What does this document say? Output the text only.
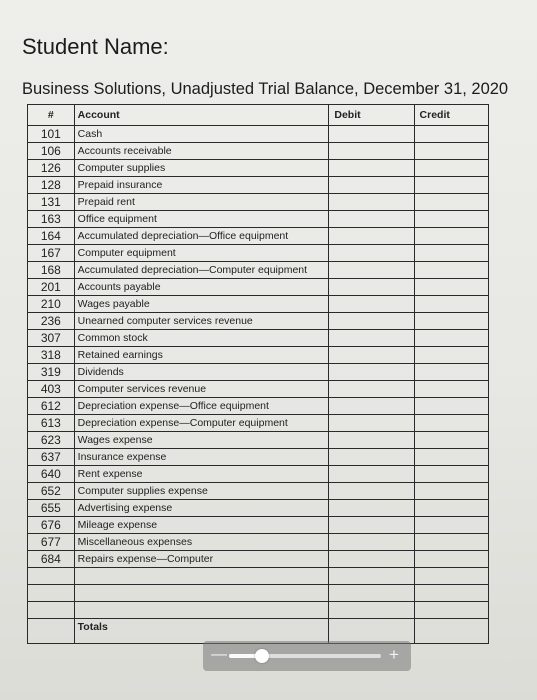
Student Name:
Business Solutions, Unadjusted Trial Balance, December 31, 2020
#	Account	Debit	Credit
101	Cash		
106	Accounts receivable		
126	Computer supplies		
128	Prepaid insurance		
131	Prepaid rent		
163	Office equipment		
164	Accumulated depreciation—Office equipment		
167	Computer equipment		
168	Accumulated depreciation—Computer equipment		
201	Accounts payable		
210	Wages payable		
236	Unearned computer services revenue		
307	Common stock		
318	Retained earnings		
319	Dividends		
403	Computer services revenue		
612	Depreciation expense—Office equipment		
613	Depreciation expense—Computer equipment		
623	Wages expense		
637	Insurance expense		
640	Rent expense		
652	Computer supplies expense		
655	Advertising expense		
676	Mileage expense		
677	Miscellaneous expenses		
684	Repairs expense—Computer		

	Totals		
—	+
